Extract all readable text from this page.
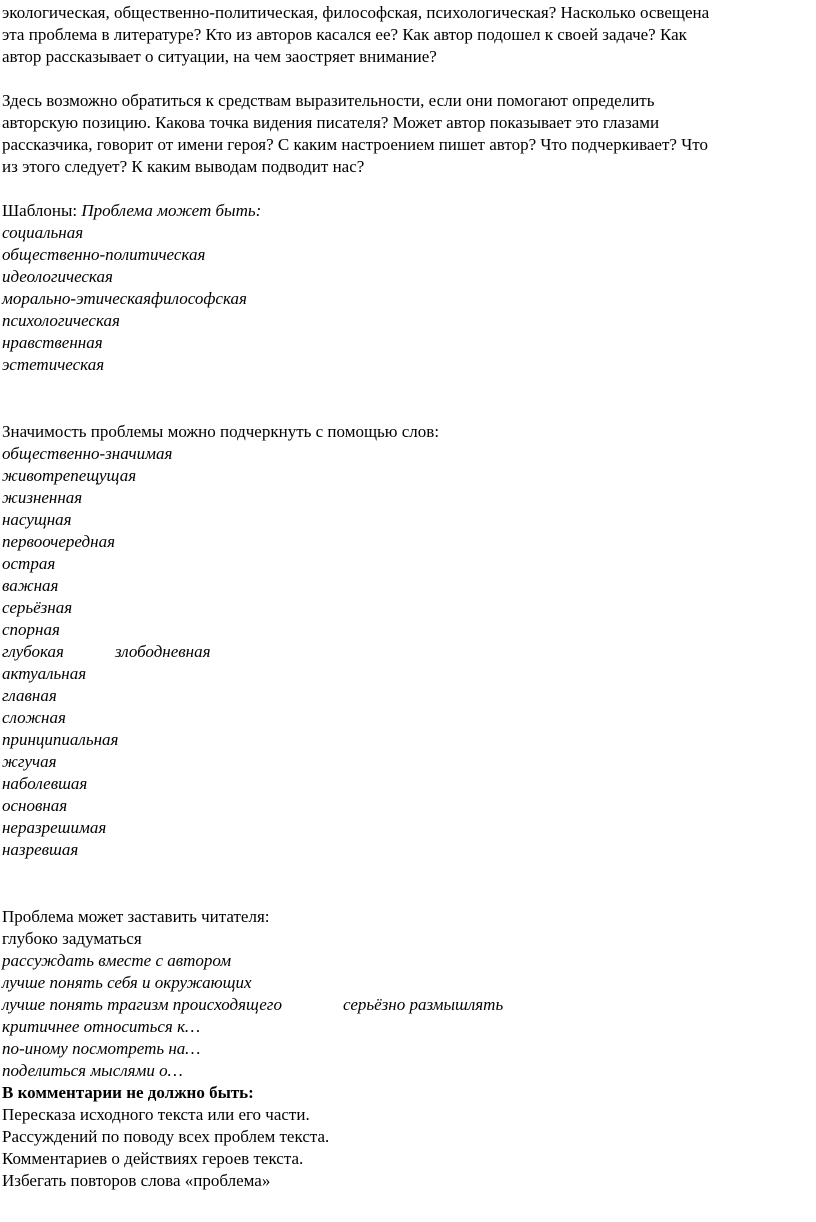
экологическая, общественно-политическая, философская, психологическая? Насколько освещена
эта проблема в литературе? Кто из авторов касался ее? Как автор подошел к своей задаче? Как
автор рассказывает о ситуации, на чем заостряет внимание?
Здесь возможно обратиться к средствам выразительности, если они помогают определить
авторскую позицию. Какова точка видения писателя? Может автор показывает это глазами
рассказчика, говорит от имени героя? С каким настроением пишет автор? Что подчеркивает? Что
из этого следует? К каким выводам подводит нас?
Шаблоны: Проблема может быть:
социальная
общественно-политическая
идеологическая
морально-этическаяфилософская
психологическая
нравственная
эстетическая
Значимость проблемы можно подчеркнуть с помощью слов:
общественно-значимая
животрепещущая
жизненная
насущная
первоочередная
острая
важная
серьёзная
спорная
глубокая	злободневная
актуальная
главная
сложная
принципиальная
жгучая
наболевшая
основная
неразрешимая
назревшая
Проблема может заставить читателя:
глубоко задуматься
рассуждать вместе с автором
лучше понять себя и окружающих
лучше понять трагизм происходящего	серьёзно размышлять
критичнее относиться к…
по-иному посмотреть на…
поделиться мыслями о…
В комментарии не должно быть:
Пересказа исходного текста или его части.
Рассуждений по поводу всех проблем текста.
Комментариев о действиях героев текста.
Избегать повторов слова «проблема»
